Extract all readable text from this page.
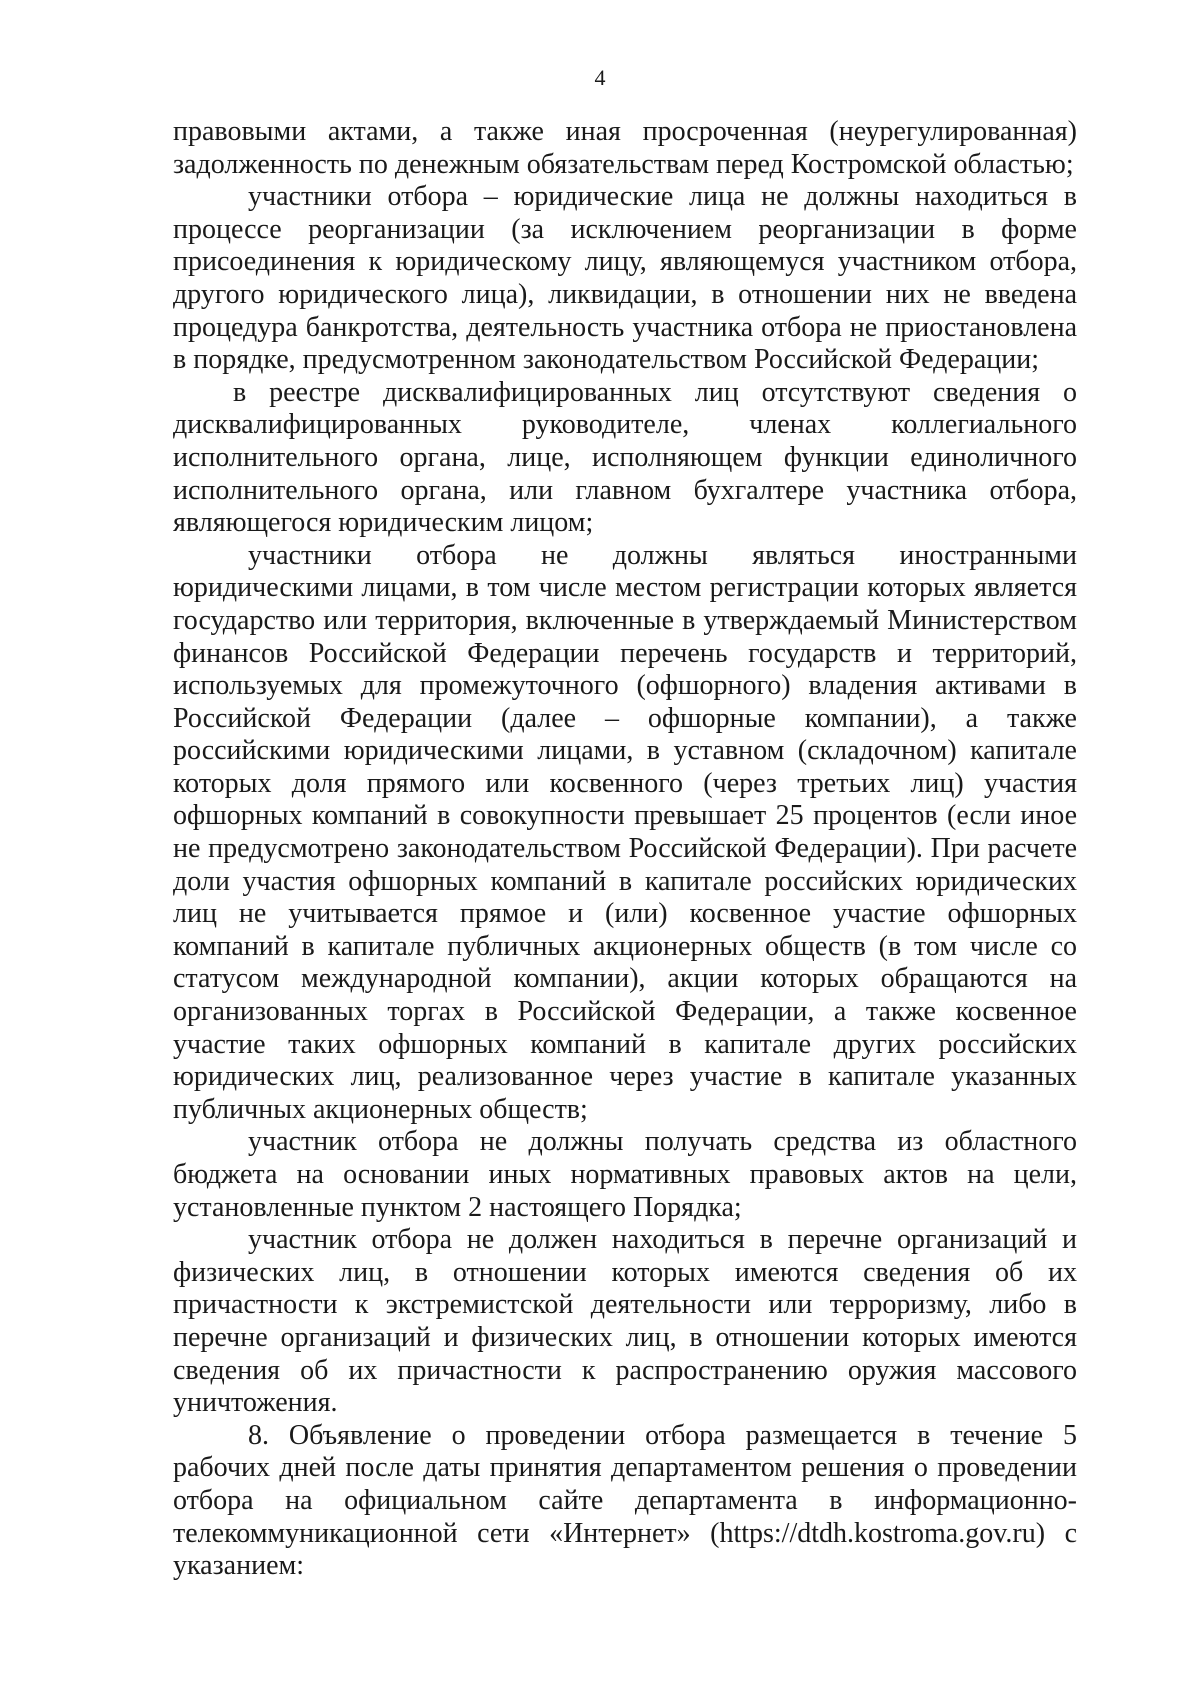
4

правовыми актами, а также иная просроченная (неурегулированная) задолженность по денежным обязательствам перед Костромской областью;

участники отбора – юридические лица не должны находиться в процессе реорганизации (за исключением реорганизации в форме присоединения к юридическому лицу, являющемуся участником отбора, другого юридического лица), ликвидации, в отношении них не введена процедура банкротства, деятельность участника отбора не приостановлена в порядке, предусмотренном законодательством Российской Федерации;

в реестре дисквалифицированных лиц отсутствуют сведения о дисквалифицированных руководителе, членах коллегиального исполнительного органа, лице, исполняющем функции единоличного исполнительного органа, или главном бухгалтере участника отбора, являющегося юридическим лицом;

участники отбора не должны являться иностранными юридическими лицами, в том числе местом регистрации которых является государство или территория, включенные в утверждаемый Министерством финансов Российской Федерации перечень государств и территорий, используемых для промежуточного (офшорного) владения активами в Российской Федерации (далее – офшорные компании), а также российскими юридическими лицами, в уставном (складочном) капитале которых доля прямого или косвенного (через третьих лиц) участия офшорных компаний в совокупности превышает 25 процентов (если иное не предусмотрено законодательством Российской Федерации). При расчете доли участия офшорных компаний в капитале российских юридических лиц не учитывается прямое и (или) косвенное участие офшорных компаний в капитале публичных акционерных обществ (в том числе со статусом международной компании), акции которых обращаются на организованных торгах в Российской Федерации, а также косвенное участие таких офшорных компаний в капитале других российских юридических лиц, реализованное через участие в капитале указанных публичных акционерных обществ;

участник отбора не должны получать средства из областного бюджета на основании иных нормативных правовых актов на цели, установленные пунктом 2 настоящего Порядка;

участник отбора не должен находиться в перечне организаций и физических лиц, в отношении которых имеются сведения об их причастности к экстремистской деятельности или терроризму, либо в перечне организаций и физических лиц, в отношении которых имеются сведения об их причастности к распространению оружия массового уничтожения.

8. Объявление о проведении отбора размещается в течение 5 рабочих дней после даты принятия департаментом решения о проведении отбора на официальном сайте департамента в информационно-телекоммуникационной сети «Интернет» (https://dtdh.kostroma.gov.ru) с указанием:
